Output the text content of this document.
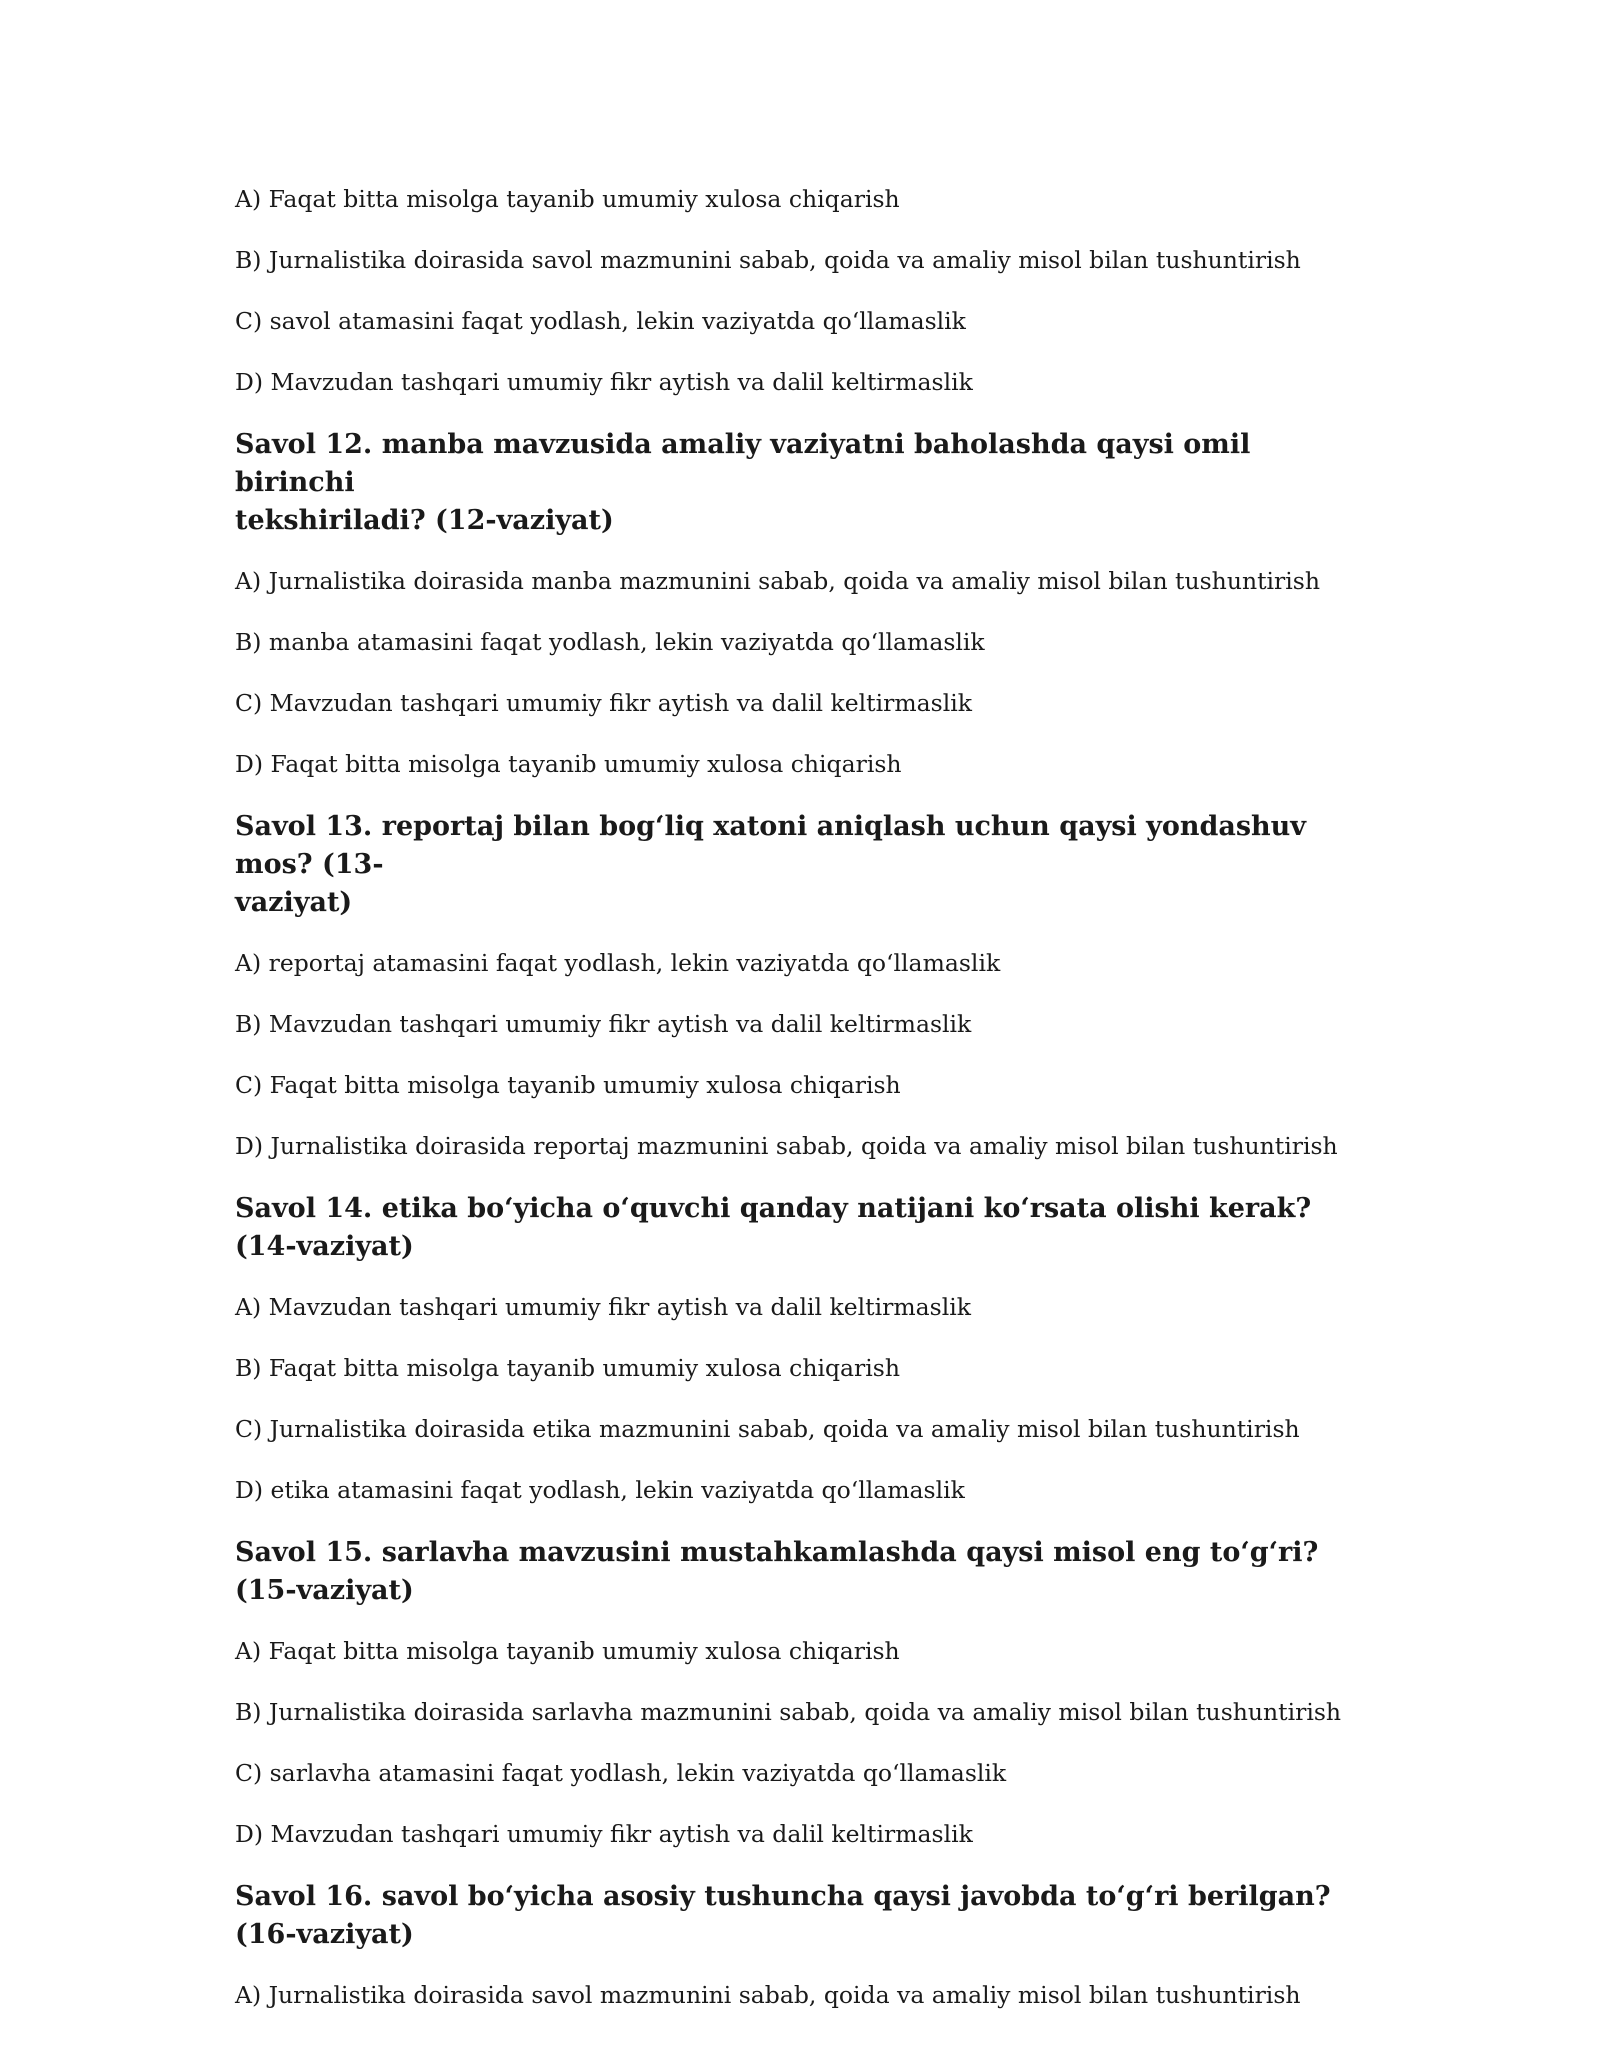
A) Faqat bitta misolga tayanib umumiy xulosa chiqarish

B) Jurnalistika doirasida savol mazmunini sabab, qoida va amaliy misol bilan tushuntirish

C) savol atamasini faqat yodlash, lekin vaziyatda qo‘llamaslik

D) Mavzudan tashqari umumiy fikr aytish va dalil keltirmaslik

Savol 12. manba mavzusida amaliy vaziyatni baholashda qaysi omil birinchi
tekshiriladi? (12-vaziyat)

A) Jurnalistika doirasida manba mazmunini sabab, qoida va amaliy misol bilan tushuntirish

B) manba atamasini faqat yodlash, lekin vaziyatda qo‘llamaslik

C) Mavzudan tashqari umumiy fikr aytish va dalil keltirmaslik

D) Faqat bitta misolga tayanib umumiy xulosa chiqarish

Savol 13. reportaj bilan bog‘liq xatoni aniqlash uchun qaysi yondashuv mos? (13-
vaziyat)

A) reportaj atamasini faqat yodlash, lekin vaziyatda qo‘llamaslik

B) Mavzudan tashqari umumiy fikr aytish va dalil keltirmaslik

C) Faqat bitta misolga tayanib umumiy xulosa chiqarish

D) Jurnalistika doirasida reportaj mazmunini sabab, qoida va amaliy misol bilan tushuntirish

Savol 14. etika bo‘yicha o‘quvchi qanday natijani ko‘rsata olishi kerak? (14-vaziyat)

A) Mavzudan tashqari umumiy fikr aytish va dalil keltirmaslik

B) Faqat bitta misolga tayanib umumiy xulosa chiqarish

C) Jurnalistika doirasida etika mazmunini sabab, qoida va amaliy misol bilan tushuntirish

D) etika atamasini faqat yodlash, lekin vaziyatda qo‘llamaslik

Savol 15. sarlavha mavzusini mustahkamlashda qaysi misol eng to‘g‘ri? (15-vaziyat)

A) Faqat bitta misolga tayanib umumiy xulosa chiqarish

B) Jurnalistika doirasida sarlavha mazmunini sabab, qoida va amaliy misol bilan tushuntirish

C) sarlavha atamasini faqat yodlash, lekin vaziyatda qo‘llamaslik

D) Mavzudan tashqari umumiy fikr aytish va dalil keltirmaslik

Savol 16. savol bo‘yicha asosiy tushuncha qaysi javobda to‘g‘ri berilgan? (16-vaziyat)

A) Jurnalistika doirasida savol mazmunini sabab, qoida va amaliy misol bilan tushuntirish
